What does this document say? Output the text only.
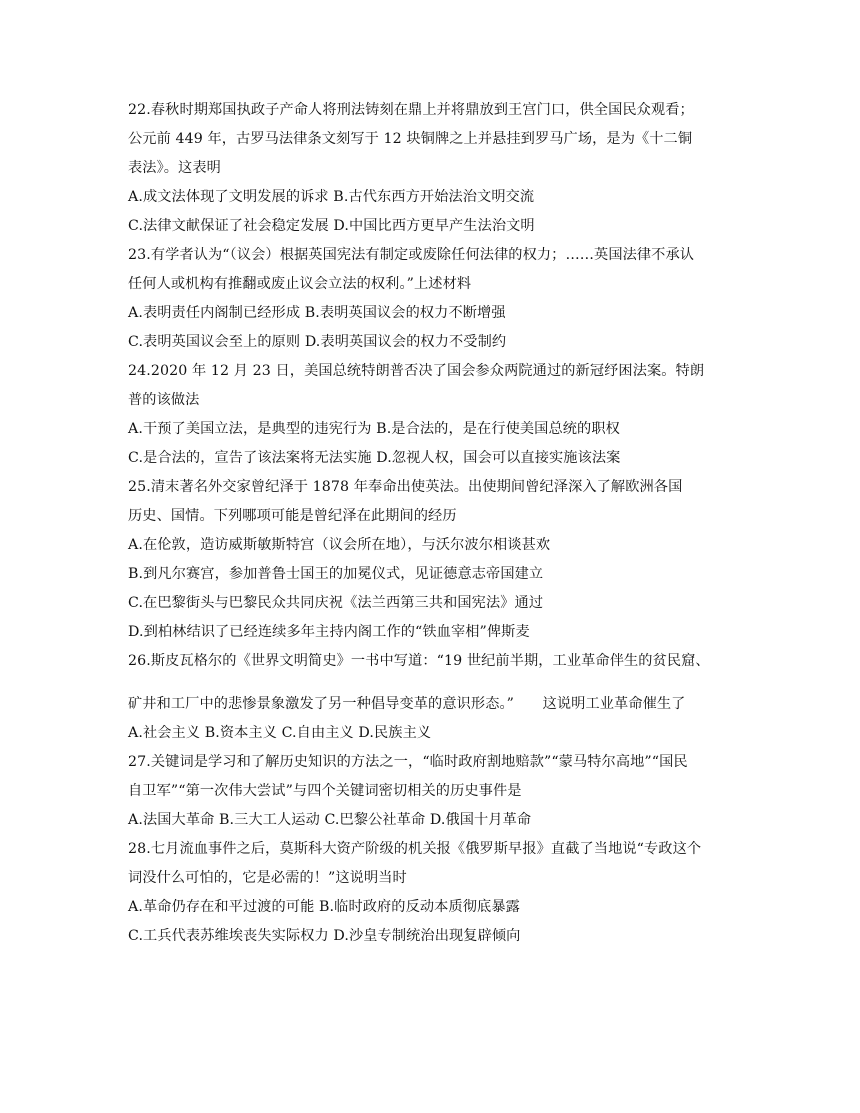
22.春秋时期郑国执政子产命人将刑法铸刻在鼎上并将鼎放到王宫门口，供全国民众观看；
公元前 449 年，古罗马法律条文刻写于 12 块铜牌之上并悬挂到罗马广场，是为《十二铜
表法》。这表明
A.成文法体现了文明发展的诉求 B.古代东西方开始法治文明交流
C.法律文献保证了社会稳定发展 D.中国比西方更早产生法治文明
23.有学者认为“（议会）根据英国宪法有制定或废除任何法律的权力；……英国法律不承认
任何人或机构有推翻或废止议会立法的权利。”上述材料
A.表明责任内阁制已经形成 B.表明英国议会的权力不断增强
C.表明英国议会至上的原则 D.表明英国议会的权力不受制约
24.2020 年 12 月 23 日，美国总统特朗普否决了国会参众两院通过的新冠纾困法案。特朗
普的该做法
A.干预了美国立法，是典型的违宪行为 B.是合法的，是在行使美国总统的职权
C.是合法的，宣告了该法案将无法实施 D.忽视人权，国会可以直接实施该法案
25.清末著名外交家曾纪泽于 1878 年奉命出使英法。出使期间曾纪泽深入了解欧洲各国
历史、国情。下列哪项可能是曾纪泽在此期间的经历
A.在伦敦，造访威斯敏斯特宫（议会所在地），与沃尔波尔相谈甚欢
B.到凡尔赛宫，参加普鲁士国王的加冕仪式，见证德意志帝国建立
C.在巴黎街头与巴黎民众共同庆祝《法兰西第三共和国宪法》通过
D.到柏林结识了已经连续多年主持内阁工作的“铁血宰相”俾斯麦
26.斯皮瓦格尔的《世界文明简史》一书中写道：“19 世纪前半期，工业革命伴生的贫民窟、
矿井和工厂中的悲惨景象激发了另一种倡导变革的意识形态。”　　这说明工业革命催生了
A.社会主义 B.资本主义 C.自由主义 D.民族主义
27.关键词是学习和了解历史知识的方法之一，“临时政府割地赔款”“蒙马特尔高地”“国民
自卫军”“第一次伟大尝试”与四个关键词密切相关的历史事件是
A.法国大革命 B.三大工人运动 C.巴黎公社革命 D.俄国十月革命
28.七月流血事件之后，莫斯科大资产阶级的机关报《俄罗斯早报》直截了当地说“专政这个
词没什么可怕的，它是必需的！”这说明当时
A.革命仍存在和平过渡的可能 B.临时政府的反动本质彻底暴露
C.工兵代表苏维埃丧失实际权力 D.沙皇专制统治出现复辟倾向
